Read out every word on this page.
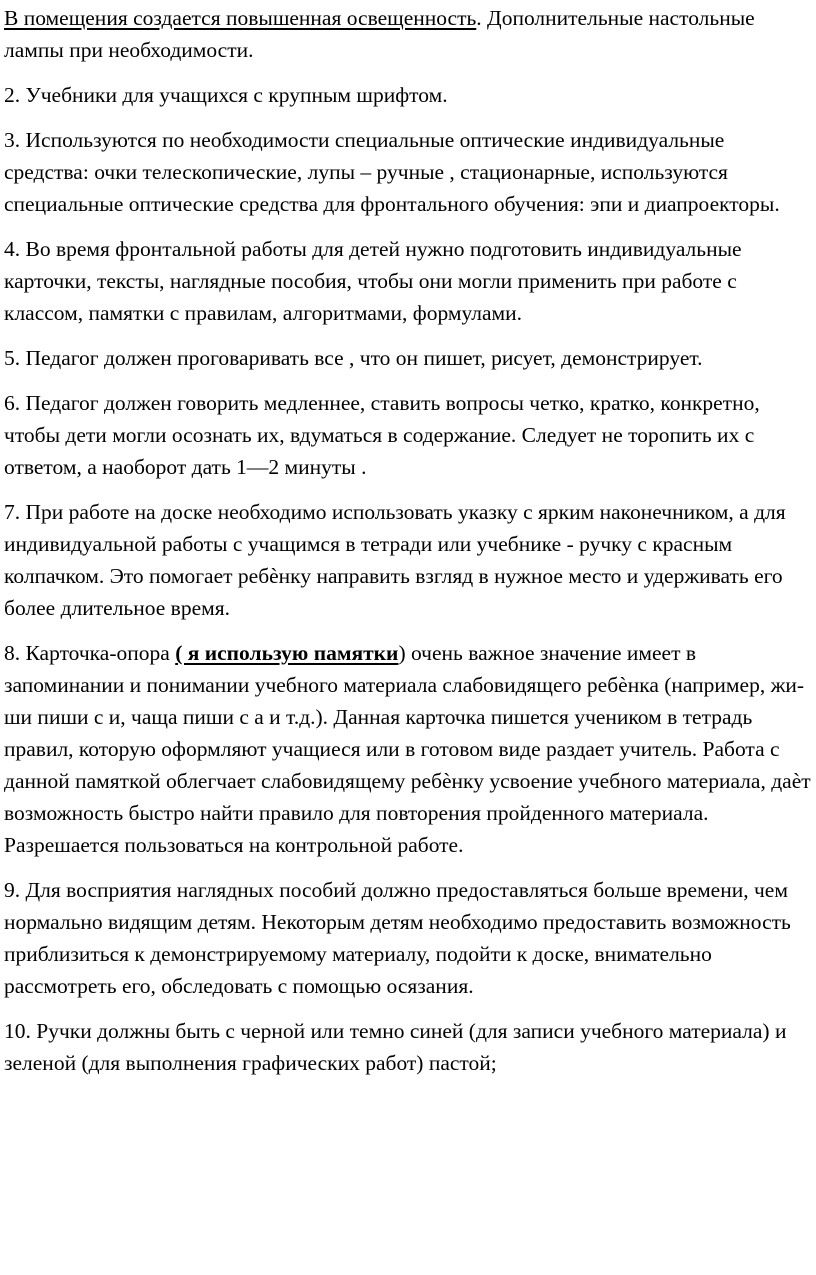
В помещения создается повышенная освещенность. Дополнительные настольные лампы при необходимости.

2. Учебники для учащихся с крупным шрифтом.

3. Используются по необходимости специальные оптические индивидуальные средства: очки телескопические, лупы – ручные , стационарные, используются специальные оптические средства для фронтального обучения: эпи и диапроекторы.

4. Во время фронтальной работы для детей нужно подготовить индивидуальные карточки, тексты, наглядные пособия, чтобы они могли применить при работе с классом, памятки с правилам, алгоритмами, формулами.

5. Педагог должен проговаривать все , что он пишет, рисует, демонстрирует.

6. Педагог должен говорить медленнее, ставить вопросы четко, кратко, конкретно, чтобы дети могли осознать их, вдуматься в содержание. Следует не торопить их с ответом, а наоборот дать 1—2 минуты .

7. При работе на доске необходимо использовать указку с ярким наконечником, а для индивидуальной работы с учащимся в тетради или учебнике - ручку с красным колпачком. Это помогает ребѐнку направить взгляд в нужное место и удерживать его более длительное время.

8. Карточка-опора ( я использую памятки) очень важное значение имеет в запоминании и понимании учебного материала слабовидящего ребѐнка (например, жи-ши пиши с и, чаща пиши с а и т.д.). Данная карточка пишется учеником в тетрадь правил, которую оформляют учащиеся или в готовом виде раздает учитель. Работа с данной памяткой облегчает слабовидящему ребѐнку усвоение учебного материала, даѐт возможность быстро найти правило для повторения пройденного материала. Разрешается пользоваться на контрольной работе.

9. Для восприятия наглядных пособий должно предоставляться больше времени, чем нормально видящим детям. Некоторым детям необходимо предоставить возможность приблизиться к демонстрируемому материалу, подойти к доске, внимательно рассмотреть его, обследовать с помощью осязания.

10. Ручки должны быть с черной или темно синей (для записи учебного материала) и зеленой (для выполнения графических работ) пастой;
